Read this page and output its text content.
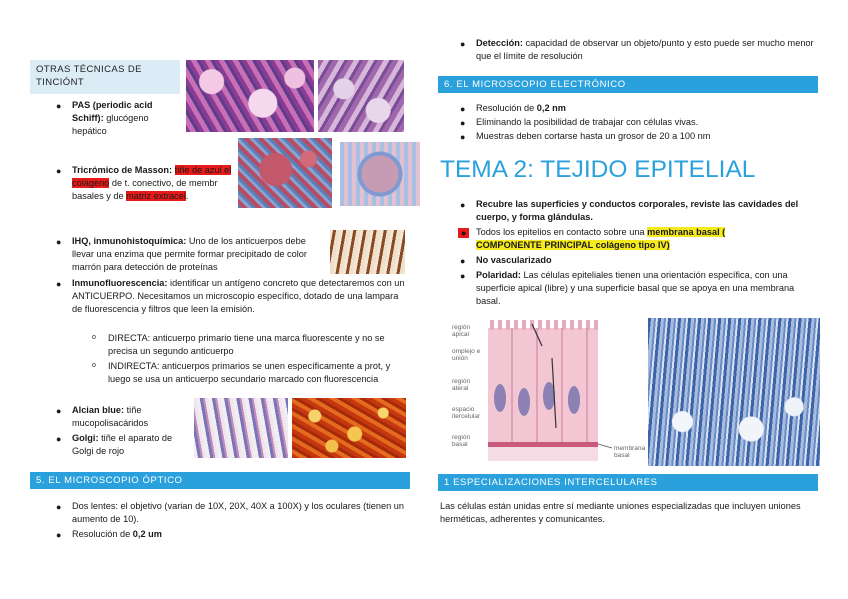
OTRAS TÉCNICAS DE TINCIÓNT
● PAS (periodic acid Schiff): glucógeno hepático
● Tricrómico de Masson: tiñe de azul el colágeno de t. conectivo, de membr basales y de matriz extracel.
● IHQ, inmunohistoquímica: Uno de los anticuerpos debe llevar una enzima que permite formar precipitado de color marrón para detección de proteínas
● Inmunofluorescencia: identificar un antígeno concreto que detectaremos con un ANTICUERPO. Necesitamos un microscopio específico, dotado de una lampara de fluorescencia y filtros que leen la emisión.
o DIRECTA: anticuerpo primario tiene una marca fluorescente y no se precisa un segundo anticuerpo
o INDIRECTA: anticuerpos primarios se unen específicamente a prot, y luego se usa un anticuerpo secundario marcado con fluorescencia
● Alcian blue: tiñe mucopolisacáridos
● Golgi: tiñe el aparato de Golgi de rojo
5. EL MICROSCOPIO ÓPTICO
● Dos lentes: el objetivo (varian de 10X, 20X, 40X a 100X) y los oculares (tienen un aumento de 10).
● Resolución de 0,2 um
● Detección: capacidad de observar un objeto/punto y esto puede ser mucho menor que el límite de resolución
6. EL MICROSCOPIO ELECTRÓNICO
● Resolución de 0,2 nm
● Eliminando la posibilidad de trabajar con células vivas.
● Muestras deben cortarse hasta un grosor de 20 a 100 nm
TEMA 2: TEJIDO EPITELIAL
● Recubre las superficies y conductos corporales, reviste las cavidades del cuerpo, y forma glándulas.
●	Todos los epitelios en contacto sobre una membrana basal ( COMPONENTE PRINCIPAL colágeno tipo IV)
● No vascularizado
● Polaridad: Las células epiteliales tienen una orientación específica, con una superficie apical (libre) y una superficie basal que se apoya en una membrana basal.
región apical
omplejo e unión
región ateral
espacio itercelular
región basal
membrana basal
1 ESPECIALIZACIONES INTERCELULARES
Las células están unidas entre sí mediante uniones especializadas que incluyen uniones herméticas, adherentes y comunicantes.
